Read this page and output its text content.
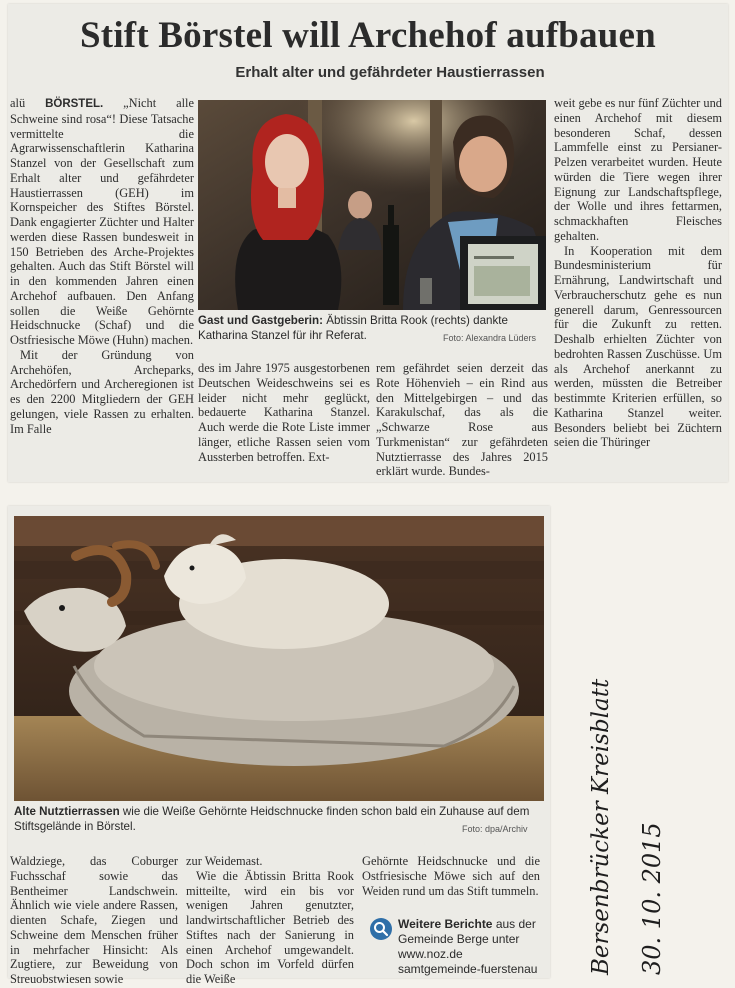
Stift Börstel will Archehof aufbauen
Erhalt alter und gefährdeter Haustierrassen

alü BÖRSTEL. „Nicht alle Schweine sind rosa“! Diese Tatsache vermittelte die Agrarwissenschaftlerin Katharina Stanzel von der Gesellschaft zum Erhalt alter und gefährdeter Haustierrassen (GEH) im Kornspeicher des Stiftes Börstel. Dank engagierter Züchter und Halter werden diese Rassen bundesweit in 150 Betrieben des Arche-Projektes gehalten. Auch das Stift Börstel will in den kommenden Jahren einen Archehof aufbauen. Den Anfang sollen die Weiße Gehörnte Heidschnucke (Schaf) und die Ostfriesische Möwe (Huhn) machen.

Mit der Gründung von Archehöfen, Archeparks, Archedörfern und Archeregionen ist es den 2200 Mitgliedern der GEH gelungen, viele Rassen zu erhalten. Im Falle

Gast und Gastgeberin: Äbtissin Britta Rook (rechts) dankte Katharina Stanzel für ihr Referat.	Foto: Alexandra Lüders
des im Jahre 1975 ausgestorbenen Deutschen Weideschweins sei es leider nicht mehr geglückt, bedauerte Katharina Stanzel. Auch werde die Rote Liste immer länger, etliche Rassen seien vom Aussterben betroffen. Ext-
rem gefährdet seien derzeit das Rote Höhenvieh – ein Rind aus den Mittelgebirgen – und das Karakulschaf, das als die „Schwarze Rose aus Turkmenistan“ zur gefährdeten Nutztierrasse des Jahres 2015 erklärt wurde. Bundes-

weit gebe es nur fünf Züchter und einen Archehof mit diesem besonderen Schaf, dessen Lammfelle einst zu Persianer-Pelzen verarbeitet wurden. Heute würden die Tiere wegen ihrer Eignung zur Landschaftspflege, der Wolle und ihres fettarmen, schmackhaften Fleisches gehalten.

In Kooperation mit dem Bundesministerium für Ernährung, Landwirtschaft und Verbraucherschutz gehe es nun generell darum, Genressourcen für die Zukunft zu retten. Deshalb erhielten Züchter von bedrohten Rassen Zuschüsse. Um als Archehof anerkannt zu werden, müssten die Betreiber bestimmte Kriterien erfüllen, so Katharina Stanzel weiter. Besonders beliebt bei Züchtern seien die Thüringer

Alte Nutztierrassen wie die Weiße Gehörnte Heidschnucke finden schon bald ein Zuhause auf dem Stiftsgelände in Börstel.	Foto: dpa/Archiv
Waldziege, das Coburger Fuchsschaf sowie das Bentheimer Landschwein. Ähnlich wie viele andere Rassen, dienten Schafe, Ziegen und Schweine dem Menschen früher in mehrfacher Hinsicht: Als Zugtiere, zur Beweidung von Streuobstwiesen sowie

zur Weidemast.

Wie die Äbtissin Britta Rook mitteilte, wird ein bis vor wenigen Jahren genutzter, landwirtschaftlicher Betrieb des Stiftes nach der Sanierung in einen Archehof umgewandelt. Doch schon im Vorfeld dürfen die Weiße

Gehörnte Heidschnucke und die Ostfriesische Möwe sich auf den Weiden rund um das Stift tummeln.
Weitere Berichte aus der Gemeinde Berge unter www.noz.de samtgemeinde-fuerstenau Bersenbrücker Kreisblatt 30. 10. 2015
